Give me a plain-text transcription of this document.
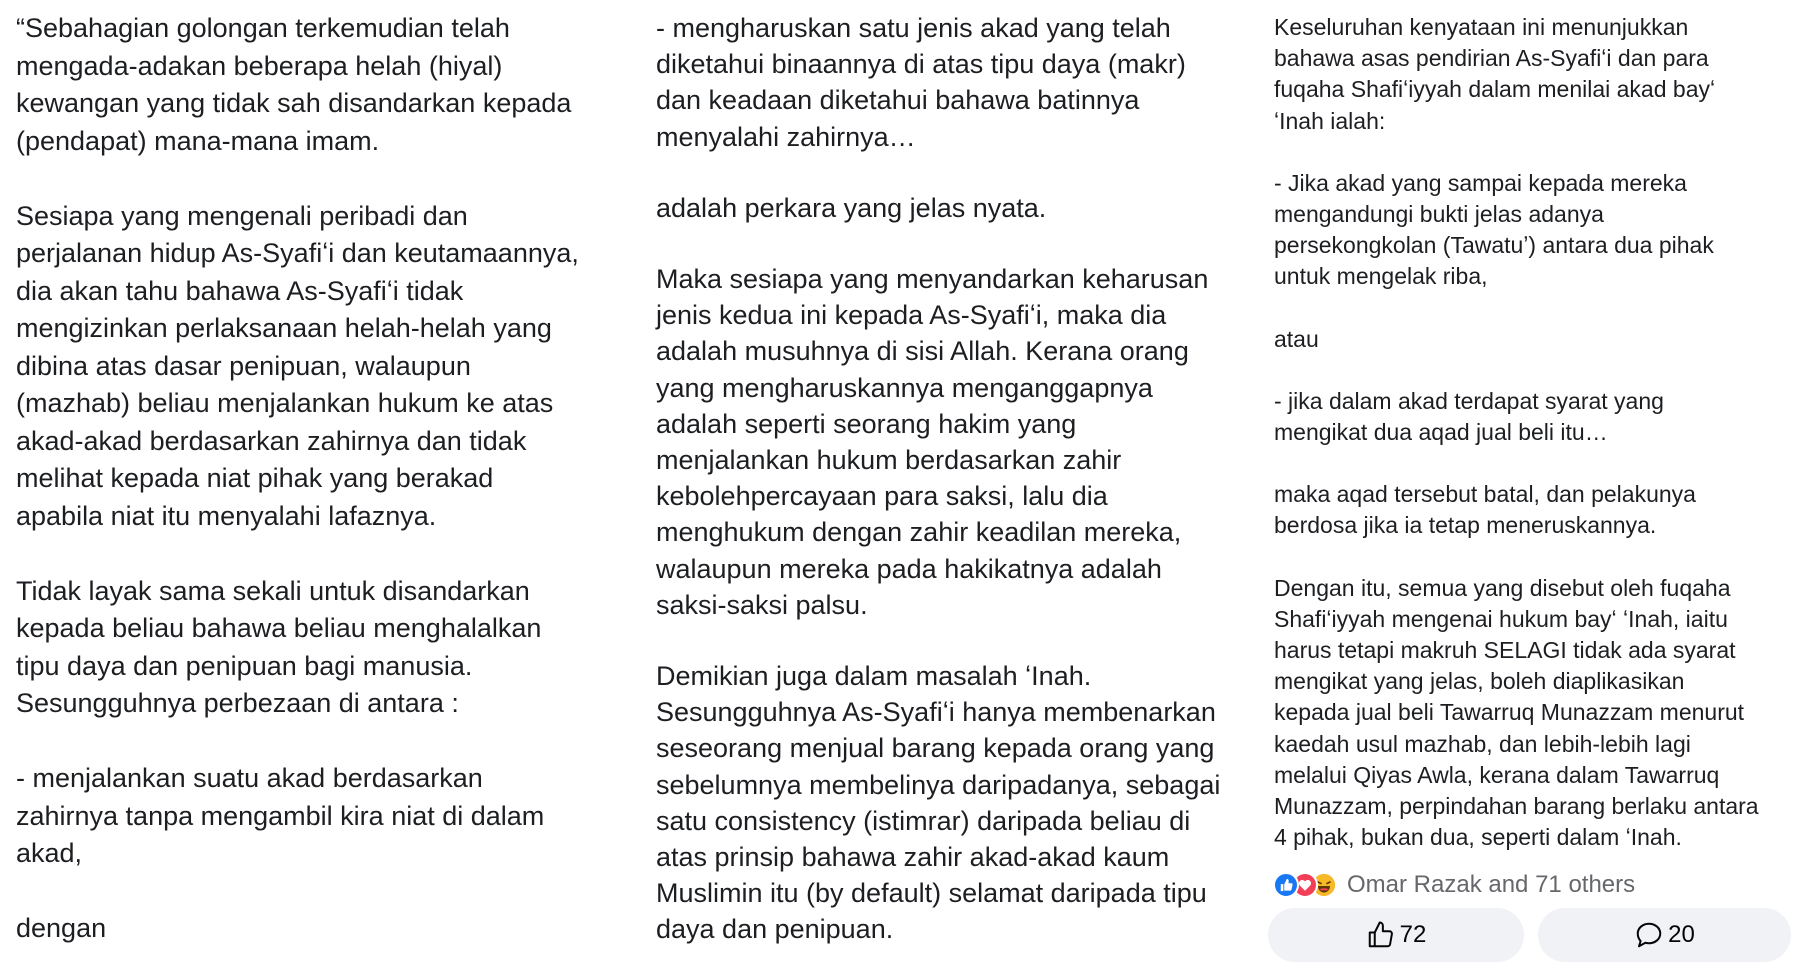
“Sebahagian golongan terkemudian telah
mengada-adakan beberapa helah (hiyal)
kewangan yang tidak sah disandarkan kepada
(pendapat) mana-mana imam.

Sesiapa yang mengenali peribadi dan
perjalanan hidup As-Syafiʻi dan keutamaannya,
dia akan tahu bahawa As-Syafiʻi tidak
mengizinkan perlaksanaan helah-helah yang
dibina atas dasar penipuan, walaupun
(mazhab) beliau menjalankan hukum ke atas
akad-akad berdasarkan zahirnya dan tidak
melihat kepada niat pihak yang berakad
apabila niat itu menyalahi lafaznya.

Tidak layak sama sekali untuk disandarkan
kepada beliau bahawa beliau menghalalkan
tipu daya dan penipuan bagi manusia.
Sesungguhnya perbezaan di antara :

- menjalankan suatu akad berdasarkan
zahirnya tanpa mengambil kira niat di dalam
akad,

dengan

- mengharuskan satu jenis akad yang telah
diketahui binaannya di atas tipu daya (makr)
dan keadaan diketahui bahawa batinnya
menyalahi zahirnya…

adalah perkara yang jelas nyata.

Maka sesiapa yang menyandarkan keharusan
jenis kedua ini kepada As-Syafiʻi, maka dia
adalah musuhnya di sisi Allah. Kerana orang
yang mengharuskannya menganggapnya
adalah seperti seorang hakim yang
menjalankan hukum berdasarkan zahir
kebolehpercayaan para saksi, lalu dia
menghukum dengan zahir keadilan mereka,
walaupun mereka pada hakikatnya adalah
saksi-saksi palsu.

Demikian juga dalam masalah ʻInah.
Sesungguhnya As-Syafiʻi hanya membenarkan
seseorang menjual barang kepada orang yang
sebelumnya membelinya daripadanya, sebagai
satu consistency (istimrar) daripada beliau di
atas prinsip bahawa zahir akad-akad kaum
Muslimin itu (by default) selamat daripada tipu
daya dan penipuan.

Keseluruhan kenyataan ini menunjukkan
bahawa asas pendirian As-Syafiʻi dan para
fuqaha Shafiʻiyyah dalam menilai akad bayʻ
ʻInah ialah:

- Jika akad yang sampai kepada mereka
mengandungi bukti jelas adanya
persekongkolan (Tawatuʼ) antara dua pihak
untuk mengelak riba,

atau

- jika dalam akad terdapat syarat yang
mengikat dua aqad jual beli itu…

maka aqad tersebut batal, dan pelakunya
berdosa jika ia tetap meneruskannya.

Dengan itu, semua yang disebut oleh fuqaha
Shafiʻiyyah mengenai hukum bayʻ ʻInah, iaitu
harus tetapi makruh SELAGI tidak ada syarat
mengikat yang jelas, boleh diaplikasikan
kepada jual beli Tawarruq Munazzam menurut
kaedah usul mazhab, dan lebih-lebih lagi
melalui Qiyas Awla, kerana dalam Tawarruq
Munazzam, perpindahan barang berlaku antara
4 pihak, bukan dua, seperti dalam ʻInah.

Omar Razak and 71 others
72	20
